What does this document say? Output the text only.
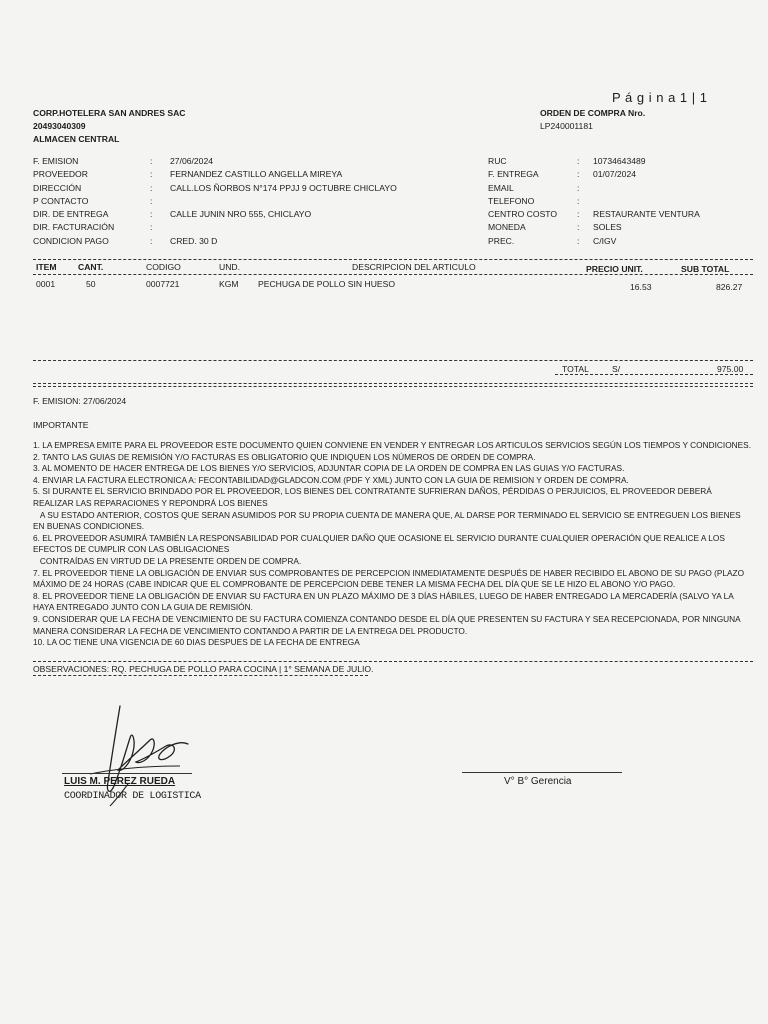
P á g i n a 1 | 1
CORP.HOTELERA SAN ANDRES SAC
20493040309
ALMACEN CENTRAL
ORDEN DE COMPRA Nro.
LP240001181
F. EMISION	: 27/06/2024
PROVEEDOR	: FERNANDEZ CASTILLO ANGELLA MIREYA
DIRECCIÓN	: CALL.LOS ÑORBOS N°174 PPJJ 9 OCTUBRE CHICLAYO
P CONTACTO	:
DIR. DE ENTREGA	: CALLE JUNIN NRO 555, CHICLAYO
DIR. FACTURACIÓN	:
CONDICION PAGO	: CRED. 30 D
RUC	: 10734643489
F. ENTREGA	: 01/07/2024
EMAIL	:
TELEFONO	:
CENTRO COSTO : RESTAURANTE VENTURA
MONEDA	: SOLES
PREC.	: C/IGV
ITEM CANT.	CODIGO	UND.	DESCRIPCION DEL ARTICULO	PRECIO UNIT.	SUB TOTAL
0001	50	0007721	KGM PECHUGA DE POLLO SIN HUESO	16.53	826.27
TOTAL	S/	975.00
F. EMISION: 27/06/2024
IMPORTANTE

1. LA EMPRESA EMITE PARA EL PROVEEDOR ESTE DOCUMENTO QUIEN CONVIENE EN VENDER Y ENTREGAR LOS ARTICULOS SERVICIOS SEGÚN LOS TIEMPOS Y CONDICIONES.

2. TANTO LAS GUIAS DE REMISIÓN Y/O FACTURAS ES OBLIGATORIO QUE INDIQUEN LOS NÚMEROS DE ORDEN DE COMPRA.

3. AL MOMENTO DE HACER ENTREGA DE LOS BIENES Y/O SERVICIOS, ADJUNTAR COPIA DE LA ORDEN DE COMPRA EN LAS GUIAS Y/O FACTURAS.

4. ENVIAR LA FACTURA ELECTRONICA A: FECONTABILIDAD@GLADCON.COM (PDF Y XML) JUNTO CON LA GUIA DE REMISION Y ORDEN DE COMPRA.

5. SI DURANTE EL SERVICIO BRINDADO POR EL PROVEEDOR, LOS BIENES DEL CONTRATANTE SUFRIERAN DAÑOS, PÉRDIDAS O PERJUICIOS, EL PROVEEDOR DEBERÁ REALIZAR LAS REPARACIONES Y REPONDRÁ LOS BIENES

A SU ESTADO ANTERIOR, COSTOS QUE SERAN ASUMIDOS POR SU PROPIA CUENTA DE MANERA QUE, AL DARSE POR TERMINADO EL SERVICIO SE ENTREGUEN LOS BIENES EN BUENAS CONDICIONES.

6. EL PROVEEDOR ASUMIRÁ TAMBIÉN LA RESPONSABILIDAD POR CUALQUIER DAÑO QUE OCASIONE EL SERVICIO DURANTE CUALQUIER OPERACIÓN QUE REALICE A LOS EFECTOS DE CUMPLIR CON LAS OBLIGACIONES

CONTRAÍDAS EN VIRTUD DE LA PRESENTE ORDEN DE COMPRA.

7. EL PROVEEDOR TIENE LA OBLIGACIÓN DE ENVIAR SUS COMPROBANTES DE PERCEPCION INMEDIATAMENTE DESPUÉS DE HABER RECIBIDO EL ABONO DE SU PAGO (PLAZO MÁXIMO DE 24 HORAS (CABE INDICAR QUE EL COMPROBANTE DE PERCEPCION DEBE TENER LA MISMA FECHA DEL DÍA QUE SE LE HIZO EL ABONO Y/O PAGO.

8. EL PROVEEDOR TIENE LA OBLIGACIÓN DE ENVIAR SU FACTURA EN UN PLAZO MÁXIMO DE 3 DÍAS HÁBILES, LUEGO DE HABER ENTREGADO LA MERCADERÍA (SALVO YA LA HAYA ENTREGADO JUNTO CON LA GUIA DE REMISIÓN.

9. CONSIDERAR QUE LA FECHA DE VENCIMIENTO DE SU FACTURA COMIENZA CONTANDO DESDE EL DÍA QUE PRESENTEN SU FACTURA Y SEA RECEPCIONADA, POR NINGUNA MANERA CONSIDERAR LA FECHA DE VENCIMIENTO CONTANDO A PARTIR DE LA ENTREGA DEL PRODUCTO.

10. LA OC TIENE UNA VIGENCIA DE 60 DIAS DESPUES DE LA FECHA DE ENTREGA

OBSERVACIONES: RQ. PECHUGA DE POLLO PARA COCINA | 1° SEMANA DE JULIO.
LUIS M. PEREZ RUEDA
COORDINADOR DE LOGISTICA
V° B° Gerencia
